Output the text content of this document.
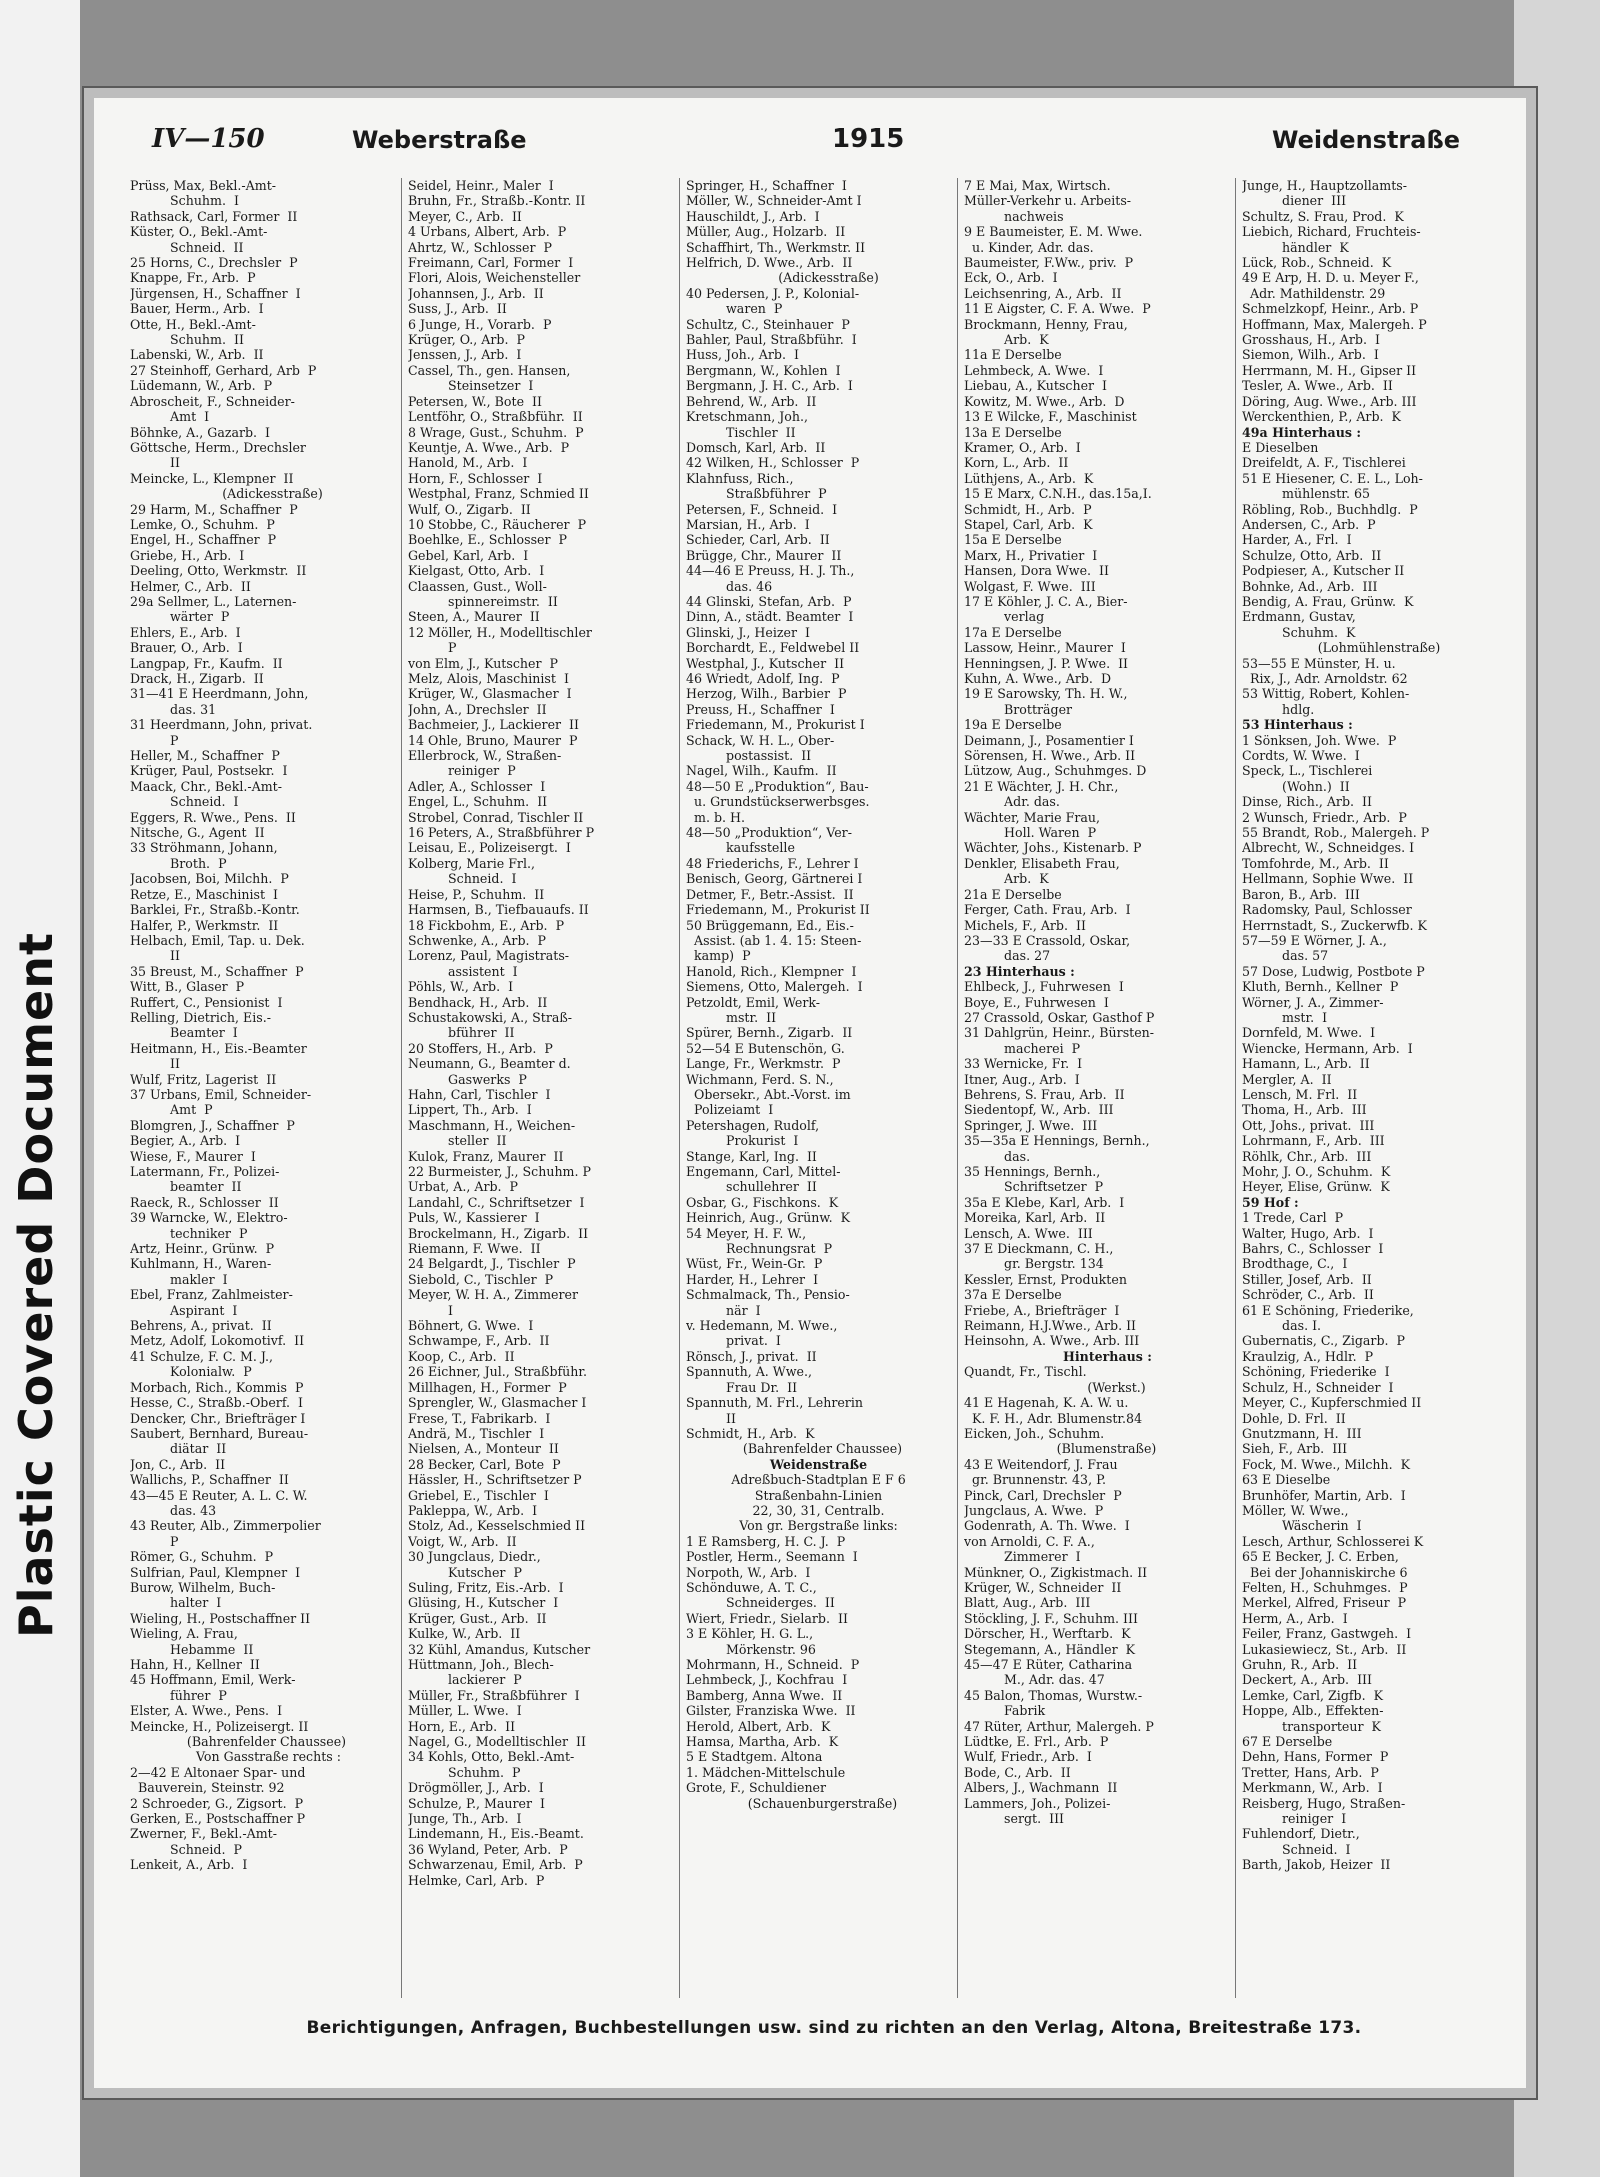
Plastic Covered Document
IV—150	Weberstraße	1915	Weidenstraße
Prüss, Max, Bekl.-Amt-
Schuhm.  I
Rathsack, Carl, Former  II
Küster, O., Bekl.-Amt-
Schneid.  II
25 Horns, C., Drechsler  P
Knappe, Fr., Arb.  P
Jürgensen, H., Schaffner  I
Bauer, Herm., Arb.  I
Otte, H., Bekl.-Amt-
Schuhm.  II
Labenski, W., Arb.  II
27 Steinhoff, Gerhard, Arb  P
Lüdemann, W., Arb.  P
Abroscheit, F., Schneider-
Amt  I
Böhnke, A., Gazarb.  I
Göttsche, Herm., Drechsler
II
Meincke, L., Klempner  II
(Adickesstraße)
29 Harm, M., Schaffner  P
Lemke, O., Schuhm.  P
Engel, H., Schaffner  P
Griebe, H., Arb.  I
Deeling, Otto, Werkmstr.  II
Helmer, C., Arb.  II
29a Sellmer, L., Laternen-
wärter  P
Ehlers, E., Arb.  I
Brauer, O., Arb.  I
Langpap, Fr., Kaufm.  II
Drack, H., Zigarb.  II
31—41 E Heerdmann, John,
das. 31
31 Heerdmann, John, privat.
P
Heller, M., Schaffner  P
Krüger, Paul, Postsekr.  I
Maack, Chr., Bekl.-Amt-
Schneid.  I
Eggers, R. Wwe., Pens.  II
Nitsche, G., Agent  II
33 Ströhmann, Johann,
Broth.  P
Jacobsen, Boi, Milchh.  P
Retze, E., Maschinist  I
Barklei, Fr., Straßb.-Kontr.
Halfer, P., Werkmstr.  II
Helbach, Emil, Tap. u. Dek.
II
35 Breust, M., Schaffner  P
Witt, B., Glaser  P
Ruffert, C., Pensionist  I
Relling, Dietrich, Eis.-
Beamter  I
Heitmann, H., Eis.-Beamter
II
Wulf, Fritz, Lagerist  II
37 Urbans, Emil, Schneider-
Amt  P
Blomgren, J., Schaffner  P
Begier, A., Arb.  I
Wiese, F., Maurer  I
Latermann, Fr., Polizei-
beamter  II
Raeck, R., Schlosser  II
39 Warncke, W., Elektro-
techniker  P
Artz, Heinr., Grünw.  P
Kuhlmann, H., Waren-
makler  I
Ebel, Franz, Zahlmeister-
Aspirant  I
Behrens, A., privat.  II
Metz, Adolf, Lokomotivf.  II
41 Schulze, F. C. M. J.,
Kolonialw.  P
Morbach, Rich., Kommis  P
Hesse, C., Straßb.-Oberf.  I
Dencker, Chr., Briefträger I
Saubert, Bernhard, Bureau-
diätar  II
Jon, C., Arb.  II
Wallichs, P., Schaffner  II
43—45 E Reuter, A. L. C. W.
das. 43
43 Reuter, Alb., Zimmerpolier
P
Römer, G., Schuhm.  P
Sulfrian, Paul, Klempner  I
Burow, Wilhelm, Buch-
halter  I
Wieling, H., Postschaffner II
Wieling, A. Frau,
Hebamme  II
Hahn, H., Kellner  II
45 Hoffmann, Emil, Werk-
führer  P
Elster, A. Wwe., Pens.  I
Meincke, H., Polizeisergt. II
(Bahrenfelder Chaussee)
Von Gasstraße rechts :
2—42 E Altonaer Spar- und
Bauverein, Steinstr. 92
2 Schroeder, G., Zigsort.  P
Gerken, E., Postschaffner P
Zwerner, F., Bekl.-Amt-
Schneid.  P
Lenkeit, A., Arb.  I
Seidel, Heinr., Maler  I
Bruhn, Fr., Straßb.-Kontr. II
Meyer, C., Arb.  II
4 Urbans, Albert, Arb.  P
Ahrtz, W., Schlosser  P
Freimann, Carl, Former  I
Flori, Alois, Weichensteller
Johannsen, J., Arb.  II
Suss, J., Arb.  II
6 Junge, H., Vorarb.  P
Krüger, O., Arb.  P
Jenssen, J., Arb.  I
Cassel, Th., gen. Hansen,
Steinsetzer  I
Petersen, W., Bote  II
Lentföhr, O., Straßbführ.  II
8 Wrage, Gust., Schuhm.  P
Keuntje, A. Wwe., Arb.  P
Hanold, M., Arb.  I
Horn, F., Schlosser  I
Westphal, Franz, Schmied II
Wulf, O., Zigarb.  II
10 Stobbe, C., Räucherer  P
Boehlke, E., Schlosser  P
Gebel, Karl, Arb.  I
Kielgast, Otto, Arb.  I
Claassen, Gust., Woll-
spinnereimstr.  II
Steen, A., Maurer  II
12 Möller, H., Modelltischler
P
von Elm, J., Kutscher  P
Melz, Alois, Maschinist  I
Krüger, W., Glasmacher  I
John, A., Drechsler  II
Bachmeier, J., Lackierer  II
14 Ohle, Bruno, Maurer  P
Ellerbrock, W., Straßen-
reiniger  P
Adler, A., Schlosser  I
Engel, L., Schuhm.  II
Strobel, Conrad, Tischler II
16 Peters, A., Straßbführer P
Leisau, E., Polizeisergt.  I
Kolberg, Marie Frl.,
Schneid.  I
Heise, P., Schuhm.  II
Harmsen, B., Tiefbauaufs. II
18 Fickbohm, E., Arb.  P
Schwenke, A., Arb.  P
Lorenz, Paul, Magistrats-
assistent  I
Pöhls, W., Arb.  I
Bendhack, H., Arb.  II
Schustakowski, A., Straß-
bführer  II
20 Stoffers, H., Arb.  P
Neumann, G., Beamter d.
Gaswerks  P
Hahn, Carl, Tischler  I
Lippert, Th., Arb.  I
Maschmann, H., Weichen-
steller  II
Kulok, Franz, Maurer  II
22 Burmeister, J., Schuhm. P
Urbat, A., Arb.  P
Landahl, C., Schriftsetzer  I
Puls, W., Kassierer  I
Brockelmann, H., Zigarb.  II
Riemann, F. Wwe.  II
24 Belgardt, J., Tischler  P
Siebold, C., Tischler  P
Meyer, W. H. A., Zimmerer
I
Böhnert, G. Wwe.  I
Schwampe, F., Arb.  II
Koop, C., Arb.  II
26 Eichner, Jul., Straßbführ.
Millhagen, H., Former  P
Sprengler, W., Glasmacher I
Frese, T., Fabrikarb.  I
Andrä, M., Tischler  I
Nielsen, A., Monteur  II
28 Becker, Carl, Bote  P
Hässler, H., Schriftsetzer P
Griebel, E., Tischler  I
Pakleppa, W., Arb.  I
Stolz, Ad., Kesselschmied II
Voigt, W., Arb.  II
30 Jungclaus, Diedr.,
Kutscher  P
Suling, Fritz, Eis.-Arb.  I
Glüsing, H., Kutscher  I
Krüger, Gust., Arb.  II
Kulke, W., Arb.  II
32 Kühl, Amandus, Kutscher
Hüttmann, Joh., Blech-
lackierer  P
Müller, Fr., Straßbführer  I
Müller, L. Wwe.  I
Horn, E., Arb.  II
Nagel, G., Modelltischler  II
34 Kohls, Otto, Bekl.-Amt-
Schuhm.  P
Drögmöller, J., Arb.  I
Schulze, P., Maurer  I
Junge, Th., Arb.  I
Lindemann, H., Eis.-Beamt.
36 Wyland, Peter, Arb.  P
Schwarzenau, Emil, Arb.  P
Helmke, Carl, Arb.  P
Springer, H., Schaffner  I
Möller, W., Schneider-Amt I
Hauschildt, J., Arb.  I
Müller, Aug., Holzarb.  II
Schaffhirt, Th., Werkmstr. II
Helfrich, D. Wwe., Arb.  II
(Adickesstraße)
40 Pedersen, J. P., Kolonial-
waren  P
Schultz, C., Steinhauer  P
Bahler, Paul, Straßbführ.  I
Huss, Joh., Arb.  I
Bergmann, W., Kohlen  I
Bergmann, J. H. C., Arb.  I
Behrend, W., Arb.  II
Kretschmann, Joh.,
Tischler  II
Domsch, Karl, Arb.  II
42 Wilken, H., Schlosser  P
Klahnfuss, Rich.,
Straßbführer  P
Petersen, F., Schneid.  I
Marsian, H., Arb.  I
Schieder, Carl, Arb.  II
Brügge, Chr., Maurer  II
44—46 E Preuss, H. J. Th.,
das. 46
44 Glinski, Stefan, Arb.  P
Dinn, A., städt. Beamter  I
Glinski, J., Heizer  I
Borchardt, E., Feldwebel II
Westphal, J., Kutscher  II
46 Wriedt, Adolf, Ing.  P
Herzog, Wilh., Barbier  P
Preuss, H., Schaffner  I
Friedemann, M., Prokurist I
Schack, W. H. L., Ober-
postassist.  II
Nagel, Wilh., Kaufm.  II
48—50 E „Produktion“, Bau-
u. Grundstückserwerbsges.
m. b. H.
48—50 „Produktion“, Ver-
kaufsstelle
48 Friederichs, F., Lehrer I
Benisch, Georg, Gärtnerei I
Detmer, F., Betr.-Assist.  II
Friedemann, M., Prokurist II
50 Brüggemann, Ed., Eis.-
Assist. (ab 1. 4. 15: Steen-
kamp)  P
Hanold, Rich., Klempner  I
Siemens, Otto, Malergeh.  I
Petzoldt, Emil, Werk-
mstr.  II
Spürer, Bernh., Zigarb.  II
52—54 E Butenschön, G.
Lange, Fr., Werkmstr.  P
Wichmann, Ferd. S. N.,
Obersekr., Abt.-Vorst. im
Polizeiamt  I
Petershagen, Rudolf,
Prokurist  I
Stange, Karl, Ing.  II
Engemann, Carl, Mittel-
schullehrer  II
Osbar, G., Fischkons.  K
Heinrich, Aug., Grünw.  K
54 Meyer, H. F. W.,
Rechnungsrat  P
Wüst, Fr., Wein-Gr.  P
Harder, H., Lehrer  I
Schmalmack, Th., Pensio-
när  I
v. Hedemann, M. Wwe.,
privat.  I
Rönsch, J., privat.  II
Spannuth, A. Wwe.,
Frau Dr.  II
Spannuth, M. Frl., Lehrerin
II
Schmidt, H., Arb.  K
(Bahrenfelder Chaussee)
Weidenstraße
Adreßbuch-Stadtplan E F 6
Straßenbahn-Linien
22, 30, 31, Centralb.
Von gr. Bergstraße links:
1 E Ramsberg, H. C. J.  P
Postler, Herm., Seemann  I
Norpoth, W., Arb.  I
Schönduwe, A. T. C.,
Schneiderges.  II
Wiert, Friedr., Sielarb.  II
3 E Köhler, H. G. L.,
Mörkenstr. 96
Mohrmann, H., Schneid.  P
Lehmbeck, J., Kochfrau  I
Bamberg, Anna Wwe.  II
Gilster, Franziska Wwe.  II
Herold, Albert, Arb.  K
Hamsa, Martha, Arb.  K
5 E Stadtgem. Altona
1. Mädchen-Mittelschule
Grote, F., Schuldiener
(Schauenburgerstraße)
7 E Mai, Max, Wirtsch.
Müller-Verkehr u. Arbeits-
nachweis
9 E Baumeister, E. M. Wwe.
u. Kinder, Adr. das.
Baumeister, F.Ww., priv.  P
Eck, O., Arb.  I
Leichsenring, A., Arb.  II
11 E Aigster, C. F. A. Wwe.  P
Brockmann, Henny, Frau,
Arb.  K
11a E Derselbe
Lehmbeck, A. Wwe.  I
Liebau, A., Kutscher  I
Kowitz, M. Wwe., Arb.  D
13 E Wilcke, F., Maschinist
13a E Derselbe
Kramer, O., Arb.  I
Korn, L., Arb.  II
Lüthjens, A., Arb.  K
15 E Marx, C.N.H., das.15a,I.
Schmidt, H., Arb.  P
Stapel, Carl, Arb.  K
15a E Derselbe
Marx, H., Privatier  I
Hansen, Dora Wwe.  II
Wolgast, F. Wwe.  III
17 E Köhler, J. C. A., Bier-
verlag
17a E Derselbe
Lassow, Heinr., Maurer  I
Henningsen, J. P. Wwe.  II
Kuhn, A. Wwe., Arb.  D
19 E Sarowsky, Th. H. W.,
Brotträger
19a E Derselbe
Deimann, J., Posamentier I
Sörensen, H. Wwe., Arb. II
Lützow, Aug., Schuhmges. D
21 E Wächter, J. H. Chr.,
Adr. das.
Wächter, Marie Frau,
Holl. Waren  P
Wächter, Johs., Kistenarb. P
Denkler, Elisabeth Frau,
Arb.  K
21a E Derselbe
Ferger, Cath. Frau, Arb.  I
Michels, F., Arb.  II
23—33 E Crassold, Oskar,
das. 27
23 Hinterhaus :
Ehlbeck, J., Fuhrwesen  I
Boye, E., Fuhrwesen  I
27 Crassold, Oskar, Gasthof P
31 Dahlgrün, Heinr., Bürsten-
macherei  P
33 Wernicke, Fr.  I
Itner, Aug., Arb.  I
Behrens, S. Frau, Arb.  II
Siedentopf, W., Arb.  III
Springer, J. Wwe.  III
35—35a E Hennings, Bernh.,
das.
35 Hennings, Bernh.,
Schriftsetzer  P
35a E Klebe, Karl, Arb.  I
Moreika, Karl, Arb.  II
Lensch, A. Wwe.  III
37 E Dieckmann, C. H.,
gr. Bergstr. 134
Kessler, Ernst, Produkten
37a E Derselbe
Friebe, A., Briefträger  I
Reimann, H.J.Wwe., Arb. II
Heinsohn, A. Wwe., Arb. III
Hinterhaus :
Quandt, Fr., Tischl.
(Werkst.)
41 E Hagenah, K. A. W. u.
K. F. H., Adr. Blumenstr.84
Eicken, Joh., Schuhm.
(Blumenstraße)
43 E Weitendorf, J. Frau
gr. Brunnenstr. 43, P.
Pinck, Carl, Drechsler  P
Jungclaus, A. Wwe.  P
Godenrath, A. Th. Wwe.  I
von Arnoldi, C. F. A.,
Zimmerer  I
Münkner, O., Zigkistmach. II
Krüger, W., Schneider  II
Blatt, Aug., Arb.  III
Stöckling, J. F., Schuhm. III
Dörscher, H., Werftarb.  K
Stegemann, A., Händler  K
45—47 E Rüter, Catharina
M., Adr. das. 47
45 Balon, Thomas, Wurstw.-
Fabrik
47 Rüter, Arthur, Malergeh. P
Lüdtke, E. Frl., Arb.  P
Wulf, Friedr., Arb.  I
Bode, C., Arb.  II
Albers, J., Wachmann  II
Lammers, Joh., Polizei-
sergt.  III
Junge, H., Hauptzollamts-
diener  III
Schultz, S. Frau, Prod.  K
Liebich, Richard, Fruchteis-
händler  K
Lück, Rob., Schneid.  K
49 E Arp, H. D. u. Meyer F.,
Adr. Mathildenstr. 29
Schmelzkopf, Heinr., Arb. P
Hoffmann, Max, Malergeh. P
Grosshaus, H., Arb.  I
Siemon, Wilh., Arb.  I
Herrmann, M. H., Gipser II
Tesler, A. Wwe., Arb.  II
Döring, Aug. Wwe., Arb. III
Werckenthien, P., Arb.  K
49a Hinterhaus :
E Dieselben
Dreifeldt, A. F., Tischlerei
51 E Hiesener, C. E. L., Loh-
mühlenstr. 65
Röbling, Rob., Buchhdlg.  P
Andersen, C., Arb.  P
Harder, A., Frl.  I
Schulze, Otto, Arb.  II
Podpieser, A., Kutscher II
Bohnke, Ad., Arb.  III
Bendig, A. Frau, Grünw.  K
Erdmann, Gustav,
Schuhm.  K
(Lohmühlenstraße)
53—55 E Münster, H. u.
Rix, J., Adr. Arnoldstr. 62
53 Wittig, Robert, Kohlen-
hdlg.
53 Hinterhaus :
1 Sönksen, Joh. Wwe.  P
Cordts, W. Wwe.  I
Speck, L., Tischlerei
(Wohn.)  II
Dinse, Rich., Arb.  II
2 Wunsch, Friedr., Arb.  P
55 Brandt, Rob., Malergeh. P
Albrecht, W., Schneidges. I
Tomfohrde, M., Arb.  II
Hellmann, Sophie Wwe.  II
Baron, B., Arb.  III
Radomsky, Paul, Schlosser
Herrnstadt, S., Zuckerwfb. K
57—59 E Wörner, J. A.,
das. 57
57 Dose, Ludwig, Postbote P
Kluth, Bernh., Kellner  P
Wörner, J. A., Zimmer-
mstr.  I
Dornfeld, M. Wwe.  I
Wiencke, Hermann, Arb.  I
Hamann, L., Arb.  II
Mergler, A.  II
Lensch, M. Frl.  II
Thoma, H., Arb.  III
Ott, Johs., privat.  III
Lohrmann, F., Arb.  III
Röhlk, Chr., Arb.  III
Mohr, J. O., Schuhm.  K
Heyer, Elise, Grünw.  K
59 Hof :
1 Trede, Carl  P
Walter, Hugo, Arb.  I
Bahrs, C., Schlosser  I
Brodthage, C.,  I
Stiller, Josef, Arb.  II
Schröder, C., Arb.  II
61 E Schöning, Friederike,
das. I.
Gubernatis, C., Zigarb.  P
Kraulzig, A., Hdlr.  P
Schöning, Friederike  I
Schulz, H., Schneider  I
Meyer, C., Kupferschmied II
Dohle, D. Frl.  II
Gnutzmann, H.  III
Sieh, F., Arb.  III
Fock, M. Wwe., Milchh.  K
63 E Dieselbe
Brunhöfer, Martin, Arb.  I
Möller, W. Wwe.,
Wäscherin  I
Lesch, Arthur, Schlosserei K
65 E Becker, J. C. Erben,
Bei der Johanniskirche 6
Felten, H., Schuhmges.  P
Merkel, Alfred, Friseur  P
Herm, A., Arb.  I
Feiler, Franz, Gastwgeh.  I
Lukasiewiecz, St., Arb.  II
Gruhn, R., Arb.  II
Deckert, A., Arb.  III
Lemke, Carl, Zigfb.  K
Hoppe, Alb., Effekten-
transporteur  K
67 E Derselbe
Dehn, Hans, Former  P
Tretter, Hans, Arb.  P
Merkmann, W., Arb.  I
Reisberg, Hugo, Straßen-
reiniger  I
Fuhlendorf, Dietr.,
Schneid.  I
Barth, Jakob, Heizer  II
Berichtigungen, Anfragen, Buchbestellungen usw. sind zu richten an den Verlag, Altona, Breitestraße 173.
